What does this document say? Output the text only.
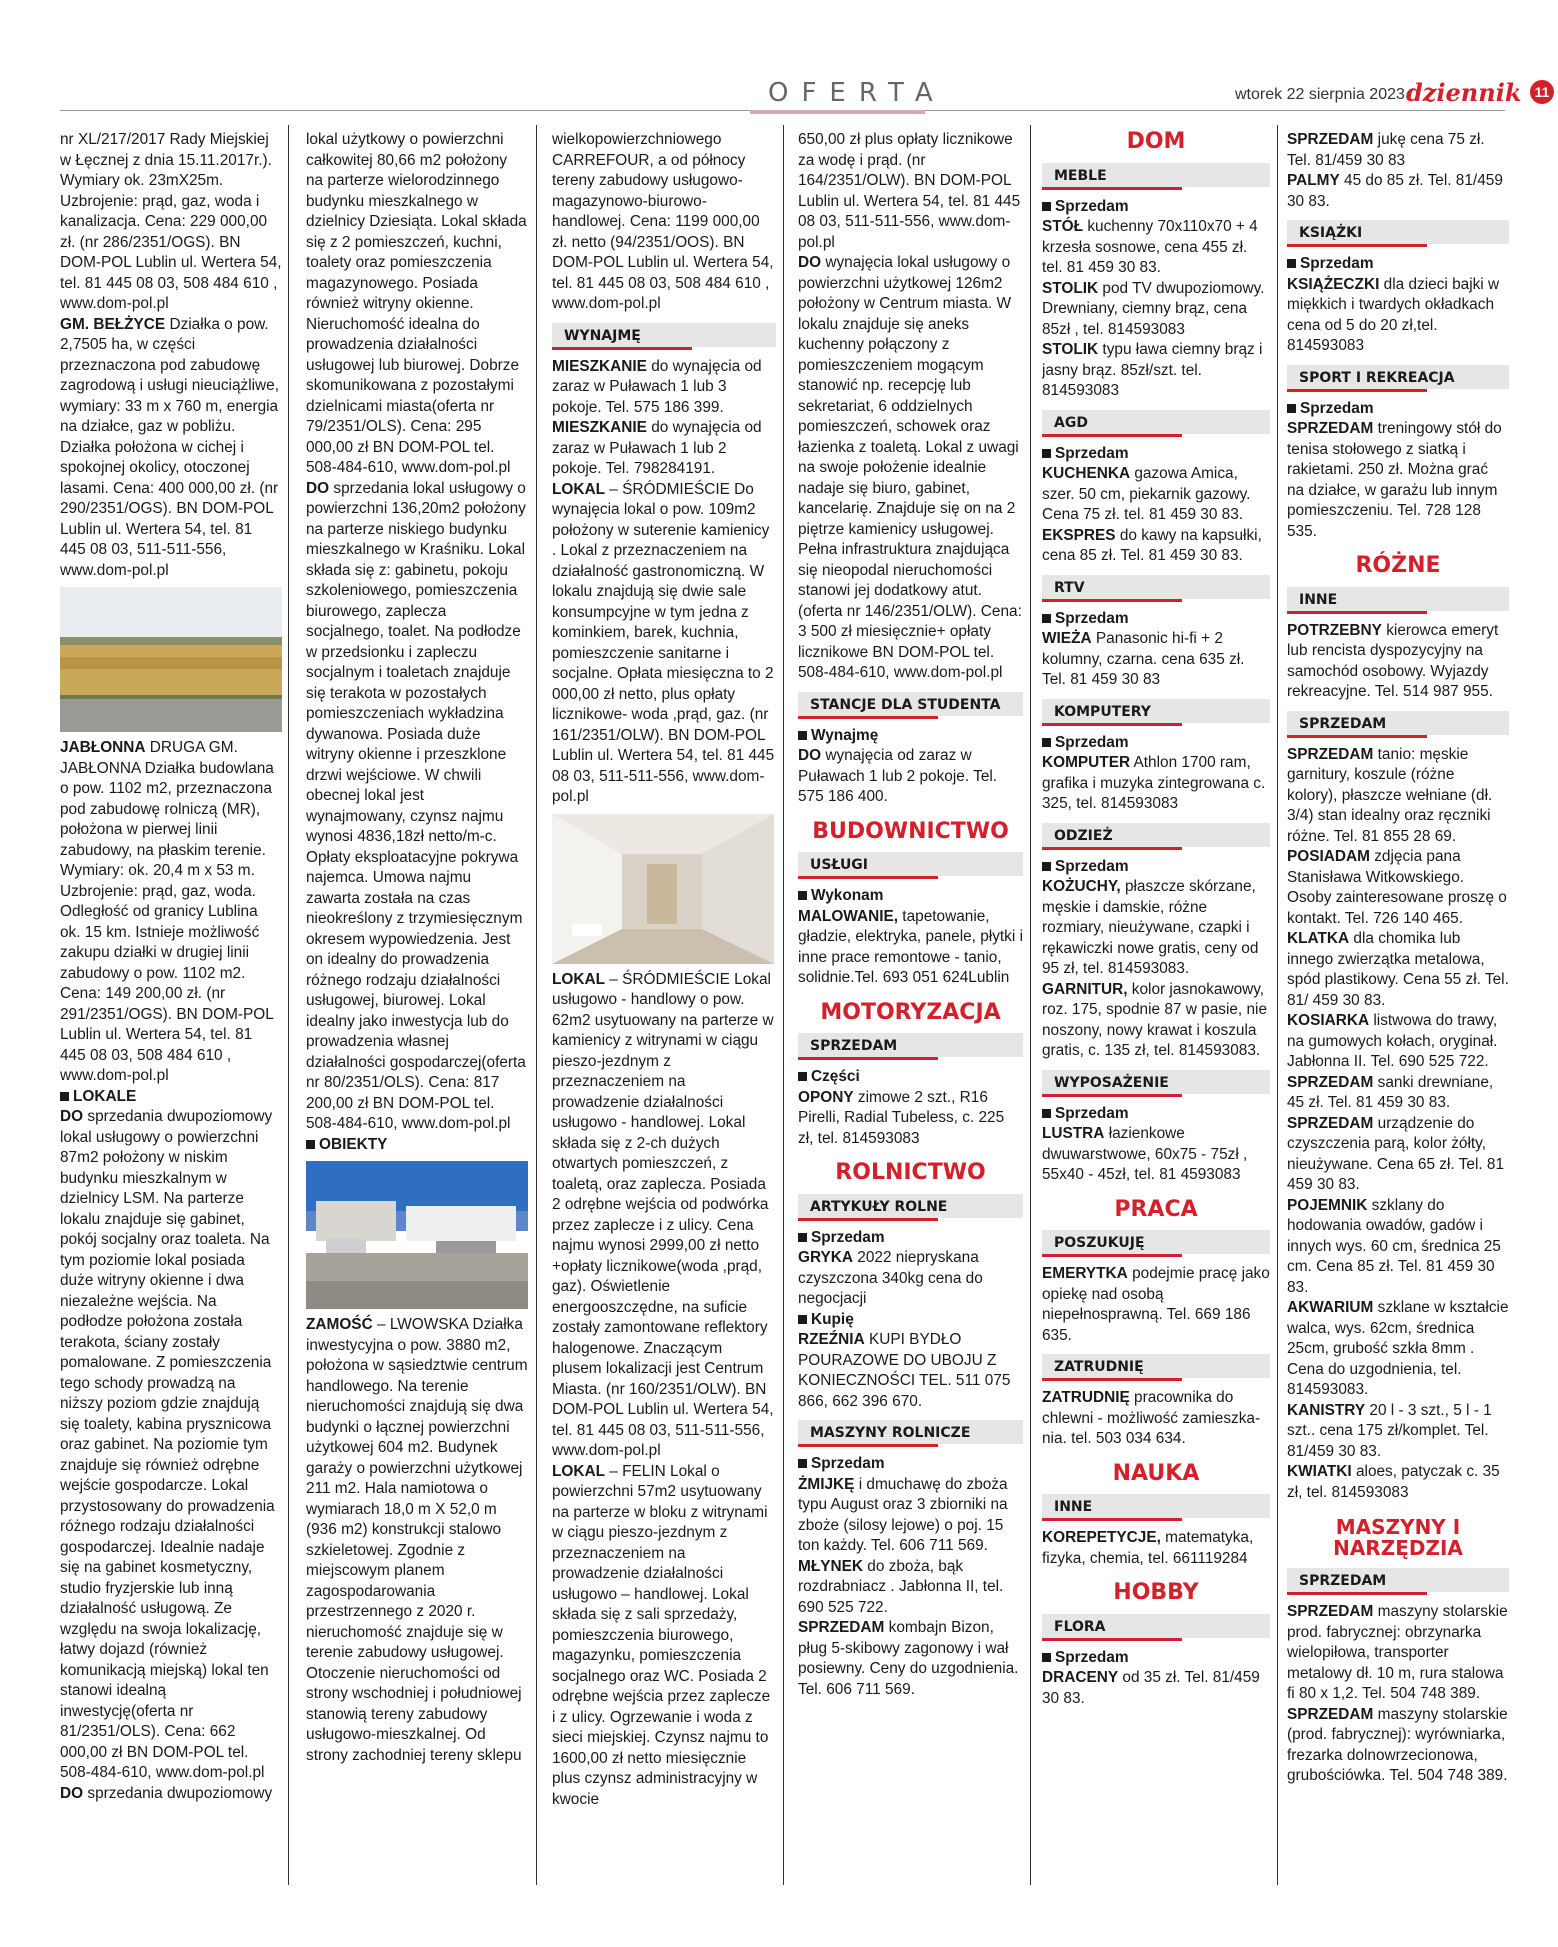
OFERTA	wtorek 22 sierpnia 2023 dziennik 11

nr XL/217/2017 Rady Miejskiej w Łęcznej z dnia 15.11.2017r.). Wymiary ok. 23mX25m. Uzbrojenie: prąd, gaz, woda i kanalizacja. Cena: 229 000,00 zł. (nr 286/2351/OGS). BN DOM-POL Lublin ul. Wertera 54, tel. 81 445 08 03, 508 484 610 , www.dom-pol.pl

GM. BEŁŻYCE Działka o pow. 2,7505 ha, w części przeznaczona pod zabudowę zagrodową i usługi nieuciążliwe, wymiary: 33 m x 760 m, energia na działce, gaz w pobliżu. Działka położona w cichej i spokojnej okolicy, otoczonej lasami. Cena: 400 000,00 zł. (nr 290/2351/OGS). BN DOM-POL Lublin ul. Wertera 54, tel. 81 445 08 03, 511-511-556, www.dom-pol.pl

JABŁONNA DRUGA GM. JABŁONNA Działka budowlana o pow. 1102 m2, przeznaczona pod zabudowę rolniczą (MR), położona w pierwej linii zabudowy, na płaskim terenie. Wymiary: ok. 20,4 m x 53 m. Uzbrojenie: prąd, gaz, woda. Odległość od granicy Lublina ok. 15 km. Istnieje możliwość zakupu działki w drugiej linii zabudowy o pow. 1102 m2. Cena: 149 200,00 zł. (nr 291/2351/OGS). BN DOM-POL Lublin ul. Wertera 54, tel. 81 445 08 03, 508 484 610 , www.dom-pol.pl

LOKALE

DO sprzedania dwupoziomowy lokal usługowy o powierzchni 87m2 położony w niskim budynku mieszkalnym w dzielnicy LSM. Na parterze lokalu znajduje się gabinet, pokój socjalny oraz toaleta. Na tym poziomie lokal posiada duże witryny okienne i dwa niezależne wejścia. Na podłodze położona została terakota, ściany zostały pomalowane. Z pomieszczenia tego schody prowadzą na niższy poziom gdzie znajdują się toalety, kabina prysznicowa oraz gabinet. Na poziomie tym znajduje się również odrębne wejście gospodarcze. Lokal przystosowany do prowadzenia różnego rodzaju działalności gospodarczej. Idealnie nadaje się na gabinet kosmetyczny, studio fryzjerskie lub inną działalność usługową. Ze względu na swoja lokalizację, łatwy dojazd (również komunikacją miejską) lokal ten stanowi idealną inwestycję(oferta nr 81/2351/OLS). Cena: 662 000,00 zł BN DOM-POL tel. 508-484-610, www.dom-pol.pl

DO sprzedania dwupoziomowy

lokal użytkowy o powierzchni całkowitej 80,66 m2 położony na parterze wielorodzinnego budynku mieszkalnego w dzielnicy Dziesiąta. Lokal składa się z 2 pomieszczeń, kuchni, toalety oraz pomieszczenia magazynowego. Posiada również witryny okienne. Nieruchomość idealna do prowadzenia działalności usługowej lub biurowej. Dobrze skomunikowana z pozostałymi dzielnicami miasta(oferta nr 79/2351/OLS). Cena: 295 000,00 zł BN DOM-POL tel. 508-484-610, www.dom-pol.pl

DO sprzedania lokal usługowy o powierzchni 136,20m2 położony na parterze niskiego budynku mieszkalnego w Kraśniku. Lokal składa się z: gabinetu, pokoju szkoleniowego, pomieszczenia biurowego, zaplecza socjalnego, toalet. Na podłodze w przedsionku i zapleczu socjalnym i toaletach znajduje się terakota w pozostałych pomieszczeniach wykładzina dywanowa. Posiada duże witryny okienne i przeszklone drzwi wejściowe. W chwili obecnej lokal jest wynajmowany, czynsz najmu wynosi 4836,18zł netto/m-c. Opłaty eksploatacyjne pokrywa najemca. Umowa najmu zawarta została na czas nieokreślony z trzymiesięcznym okresem wypowiedzenia. Jest on idealny do prowadzenia różnego rodzaju działalności usługowej, biurowej. Lokal idealny jako inwestycja lub do prowadzenia własnej działalności gospodarczej(oferta nr 80/2351/OLS). Cena: 817 200,00 zł BN DOM-POL tel. 508-484-610, www.dom-pol.pl

OBIEKTY

ZAMOŚĆ – LWOWSKA Działka inwestycyjna o pow. 3880 m2, położona w sąsiedztwie centrum handlowego. Na terenie nieruchomości znajdują się dwa budynki o łącznej powierzchni użytkowej 604 m2. Budynek garaży o powierzchni użytkowej 211 m2. Hala namiotowa o wymiarach 18,0 m X 52,0 m (936 m2) konstrukcji stalowo szkieletowej. Zgodnie z miejscowym planem zagospodarowania przestrzennego z 2020 r. nieruchomość znajduje się w terenie zabudowy usługowej. Otoczenie nieruchomości od strony wschodniej i południowej stanowią tereny zabudowy usługowo-mieszkalnej. Od strony zachodniej tereny sklepu

wielkopowierzchniowego CARREFOUR, a od północy tereny zabudowy usługowo-magazynowo-biurowo-handlowej. Cena: 1199 000,00 zł. netto (94/2351/OOS). BN DOM-POL Lublin ul. Wertera 54, tel. 81 445 08 03, 508 484 610 , www.dom-pol.pl

WYNAJMĘ

MIESZKANIE do wynajęcia od zaraz w Puławach 1 lub 3 pokoje. Tel. 575 186 399.

MIESZKANIE do wynajęcia od zaraz w Puławach 1 lub 2 pokoje. Tel. 798284191.

LOKAL – ŚRÓDMIEŚCIE Do wynajęcia lokal o pow. 109m2 położony w suterenie kamienicy . Lokal z przeznaczeniem na działalność gastronomiczną. W lokalu znajdują się dwie sale konsumpcyjne w tym jedna z kominkiem, barek, kuchnia, pomieszczenie sanitarne i socjalne. Opłata miesięczna to 2 000,00 zł netto, plus opłaty licznikowe- woda ,prąd, gaz. (nr 161/2351/OLW). BN DOM-POL Lublin ul. Wertera 54, tel. 81 445 08 03, 511-511-556, www.dom-pol.pl

LOKAL – ŚRÓDMIEŚCIE Lokal usługowo - handlowy o pow. 62m2 usytuowany na parterze w kamienicy z witrynami w ciągu pieszo-jezdnym z przeznaczeniem na prowadzenie działalności usługowo - handlowej. Lokal składa się z 2-ch dużych otwartych pomieszczeń, z toaletą, oraz zaplecza. Posiada 2 odrębne wejścia od podwórka przez zaplecze i z ulicy. Cena najmu wynosi 2999,00 zł netto +opłaty licznikowe(woda ,prąd, gaz). Oświetlenie energooszczędne, na suficie zostały zamontowane reflektory halogenowe. Znaczącym plusem lokalizacji jest Centrum Miasta. (nr 160/2351/OLW). BN DOM-POL Lublin ul. Wertera 54, tel. 81 445 08 03, 511-511-556, www.dom-pol.pl

LOKAL – FELIN Lokal o powierzchni 57m2 usytuowany na parterze w bloku z witrynami w ciągu pieszo-jezdnym z przeznaczeniem na prowadzenie działalności usługowo – handlowej. Lokal składa się z sali sprzedaży, pomieszczenia biurowego, magazynku, pomieszczenia socjalnego oraz WC. Posiada 2 odrębne wejścia przez zaplecze i z ulicy. Ogrzewanie i woda z sieci miejskiej. Czynsz najmu to 1600,00 zł netto miesięcznie plus czynsz administracyjny w kwocie

650,00 zł plus opłaty licznikowe za wodę i prąd. (nr 164/2351/OLW). BN DOM-POL Lublin ul. Wertera 54, tel. 81 445 08 03, 511-511-556, www.dom-pol.pl

DO wynajęcia lokal usługowy o powierzchni użytkowej 126m2 położony w Centrum miasta. W lokalu znajduje się aneks kuchenny połączony z pomieszczeniem mogącym stanowić np. recepcję lub sekretariat, 6 oddzielnych pomieszczeń, schowek oraz łazienka z toaletą. Lokal z uwagi na swoje położenie idealnie nadaje się biuro, gabinet, kancelarię. Znajduje się on na 2 piętrze kamienicy usługowej. Pełna infrastruktura znajdująca się nieopodal nieruchomości stanowi jej dodatkowy atut. (oferta nr 146/2351/OLW). Cena: 3 500 zł miesięcznie+ opłaty licznikowe BN DOM-POL tel. 508-484-610, www.dom-pol.pl

STANCJE DLA STUDENTA

Wynajmę

DO wynajęcia od zaraz w Puławach 1 lub 2 pokoje. Tel. 575 186 400.

BUDOWNICTWO
USŁUGI

Wykonam

MALOWANIE, tapetowanie, gładzie, elektryka, panele, płytki i inne prace remontowe - tanio, solidnie.Tel. 693 051 624Lublin

MOTORYZACJA
SPRZEDAM

Części

OPONY zimowe 2 szt., R16 Pirelli, Radial Tubeless, c. 225 zł, tel. 814593083

ROLNICTWO
ARTYKUŁY ROLNE

Sprzedam

GRYKA 2022 niepryskana czyszczona 340kg cena do negocjacji

Kupię

RZEŹNIA KUPI BYDŁO POURAZOWE DO UBOJU Z KONIECZNOŚCI TEL. 511 075 866, 662 396 670.

MASZYNY ROLNICZE

Sprzedam

ŻMIJKĘ i dmuchawę do zboża typu August oraz 3 zbiorniki na zboże (silosy lejowe) o poj. 15 ton każdy. Tel. 606 711 569.

MŁYNEK do zboża, bąk rozdrabniacz . Jabłonna II, tel. 690 525 722.

SPRZEDAM kombajn Bizon, pług 5-skibowy zagonowy i wał posiewny. Ceny do uzgodnienia. Tel. 606 711 569.

DOM
MEBLE

Sprzedam

STÓŁ kuchenny 70x110x70 + 4 krzesła sosnowe, cena 455 zł. tel. 81 459 30 83.

STOLIK pod TV dwupoziomowy. Drewniany, ciemny brąz, cena 85zł , tel. 814593083

STOLIK typu ława ciemny brąz i jasny brąz. 85zł/szt. tel. 814593083

AGD

Sprzedam

KUCHENKA gazowa Amica, szer. 50 cm, piekarnik gazowy. Cena 75 zł. tel. 81 459 30 83.

EKSPRES do kawy na kapsułki, cena 85 zł. Tel. 81 459 30 83.

RTV

Sprzedam

WIEŻA Panasonic hi-fi + 2 kolumny, czarna. cena 635 zł. Tel. 81 459 30 83

KOMPUTERY

Sprzedam

KOMPUTER Athlon 1700 ram, grafika i muzyka zintegrowana c. 325, tel. 814593083

ODZIEŻ

Sprzedam

KOŻUCHY, płaszcze skórzane, męskie i damskie, różne rozmiary, nieużywane, czapki i rękawiczki nowe gratis, ceny od 95 zł, tel. 814593083.

GARNITUR, kolor jasnokawowy, roz. 175, spodnie 87 w pasie, nie noszony, nowy krawat i koszula gratis, c. 135 zł, tel. 814593083.

WYPOSAŻENIE

Sprzedam

LUSTRA łazienkowe dwuwarstwowe, 60x75 - 75zł , 55x40 - 45zł, tel. 81 4593083

PRACA
POSZUKUJĘ

EMERYTKA podejmie pracę jako opiekę nad osobą niepełnosprawną. Tel. 669 186 635.

ZATRUDNIĘ

ZATRUDNIĘ pracownika do chlewni - możliwość zamieszka-nia. tel. 503 034 634.

NAUKA
INNE

KOREPETYCJE, matematyka, fizyka, chemia, tel. 661119284

HOBBY
FLORA

Sprzedam

DRACENY od 35 zł. Tel. 81/459 30 83.

SPRZEDAM jukę cena 75 zł. Tel. 81/459 30 83

PALMY 45 do 85 zł. Tel. 81/459 30 83.

KSIĄŻKI

Sprzedam

KSIĄŻECZKI dla dzieci bajki w miękkich i twardych okładkach cena od 5 do 20 zł,tel. 814593083

SPORT I REKREACJA

Sprzedam

SPRZEDAM treningowy stół do tenisa stołowego z siatką i rakietami. 250 zł. Można grać na działce, w garażu lub innym pomieszczeniu. Tel. 728 128 535.

RÓŻNE
INNE

POTRZEBNY kierowca emeryt lub rencista dyspozycyjny na samochód osobowy. Wyjazdy rekreacyjne. Tel. 514 987 955.

SPRZEDAM

SPRZEDAM tanio: męskie garnitury, koszule (różne kolory), płaszcze wełniane (dł. 3/4) stan idealny oraz ręczniki różne. Tel. 81 855 28 69.

POSIADAM zdjęcia pana Stanisława Witkowskiego. Osoby zainteresowane proszę o kontakt. Tel. 726 140 465.

KLATKA dla chomika lub innego zwierzątka metalowa, spód plastikowy. Cena 55 zł. Tel. 81/ 459 30 83.

KOSIARKA listwowa do trawy, na gumowych kołach, oryginał. Jabłonna II. Tel. 690 525 722.

SPRZEDAM sanki drewniane, 45 zł. Tel. 81 459 30 83.

SPRZEDAM urządzenie do czyszczenia parą, kolor żółty, nieużywane. Cena 65 zł. Tel. 81 459 30 83.

POJEMNIK szklany do hodowania owadów, gadów i innych wys. 60 cm, średnica 25 cm. Cena 85 zł. Tel. 81 459 30 83.

AKWARIUM szklane w kształcie walca, wys. 62cm, średnica 25cm, grubość szkła 8mm . Cena do uzgodnienia, tel. 814593083.

KANISTRY 20 l - 3 szt., 5 l - 1 szt.. cena 175 zł/komplet. Tel. 81/459 30 83.

KWIATKI aloes, patyczak c. 35 zł, tel. 814593083

MASZYNY I NARZĘDZIA
SPRZEDAM

SPRZEDAM maszyny stolarskie prod. fabrycznej: obrzynarka wielopiłowa, transporter metalowy dł. 10 m, rura stalowa fi 80 x 1,2. Tel. 504 748 389.

SPRZEDAM maszyny stolarskie (prod. fabrycznej): wyrówniarka, frezarka dolnowrzecionowa, grubościówka. Tel. 504 748 389.
